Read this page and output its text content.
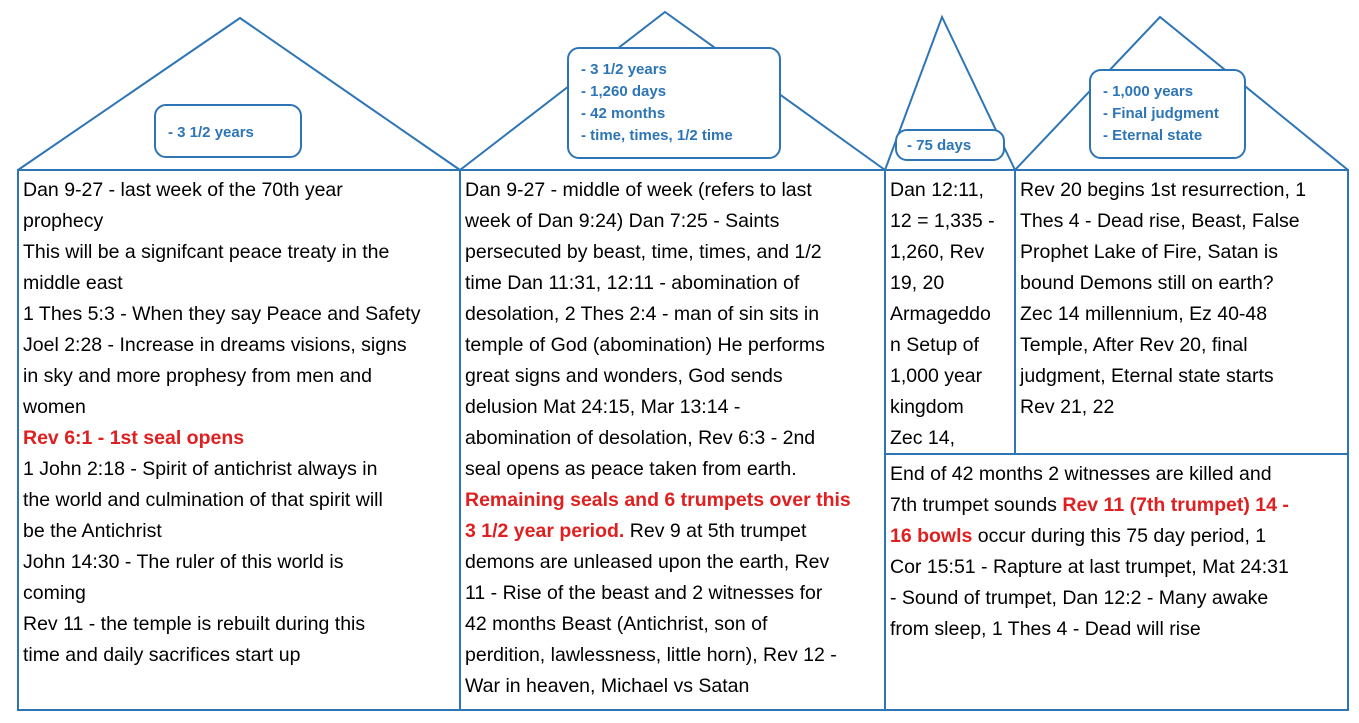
- 3 1/2 years
- 3 1/2 years
- 1,260 days
- 42 months
- time, times, 1/2 time
- 75 days
- 1,000 years
- Final judgment
- Eternal state
Dan 9-27 - last week of the 70th year
prophecy
This will be a signifcant peace treaty in the
middle east
1 Thes 5:3 - When they say Peace and Safety
Joel 2:28 - Increase in dreams visions, signs
in sky and more prophesy from men and
women
Rev 6:1 - 1st seal opens
1 John 2:18 - Spirit of antichrist always in
the world and culmination of that spirit will
be the Antichrist
John 14:30 - The ruler of this world is
coming
Rev 11 - the temple is rebuilt during this
time and daily sacrifices start up
Dan 9-27 - middle of week (refers to last
week of Dan 9:24) Dan 7:25 - Saints
persecuted by beast, time, times, and 1/2
time Dan 11:31, 12:11 - abomination of
desolation, 2 Thes 2:4 - man of sin sits in
temple of God (abomination) He performs
great signs and wonders, God sends
delusion Mat 24:15, Mar 13:14 -
abomination of desolation, Rev 6:3 - 2nd
seal opens as peace taken from earth.
Remaining seals and 6 trumpets over this
3 1/2 year period. Rev 9 at 5th trumpet
demons are unleased upon the earth, Rev
11 - Rise of the beast and 2 witnesses for
42 months Beast (Antichrist, son of
perdition, lawlessness, little horn), Rev 12 -
War in heaven, Michael vs Satan
Dan 12:11,
12 = 1,335 -
1,260, Rev
19, 20
Armageddo
n Setup of
1,000 year
kingdom
Zec 14,
Rev 20 begins 1st resurrection, 1
Thes 4 - Dead rise, Beast, False
Prophet Lake of Fire, Satan is
bound Demons still on earth?
Zec 14 millennium, Ez 40-48
Temple, After Rev 20, final
judgment, Eternal state starts
Rev 21, 22
End of 42 months 2 witnesses are killed and
7th trumpet sounds Rev 11 (7th trumpet) 14 -
16 bowls occur during this 75 day period, 1
Cor 15:51 - Rapture at last trumpet, Mat 24:31
- Sound of trumpet, Dan 12:2 - Many awake
from sleep, 1 Thes 4 - Dead will rise
